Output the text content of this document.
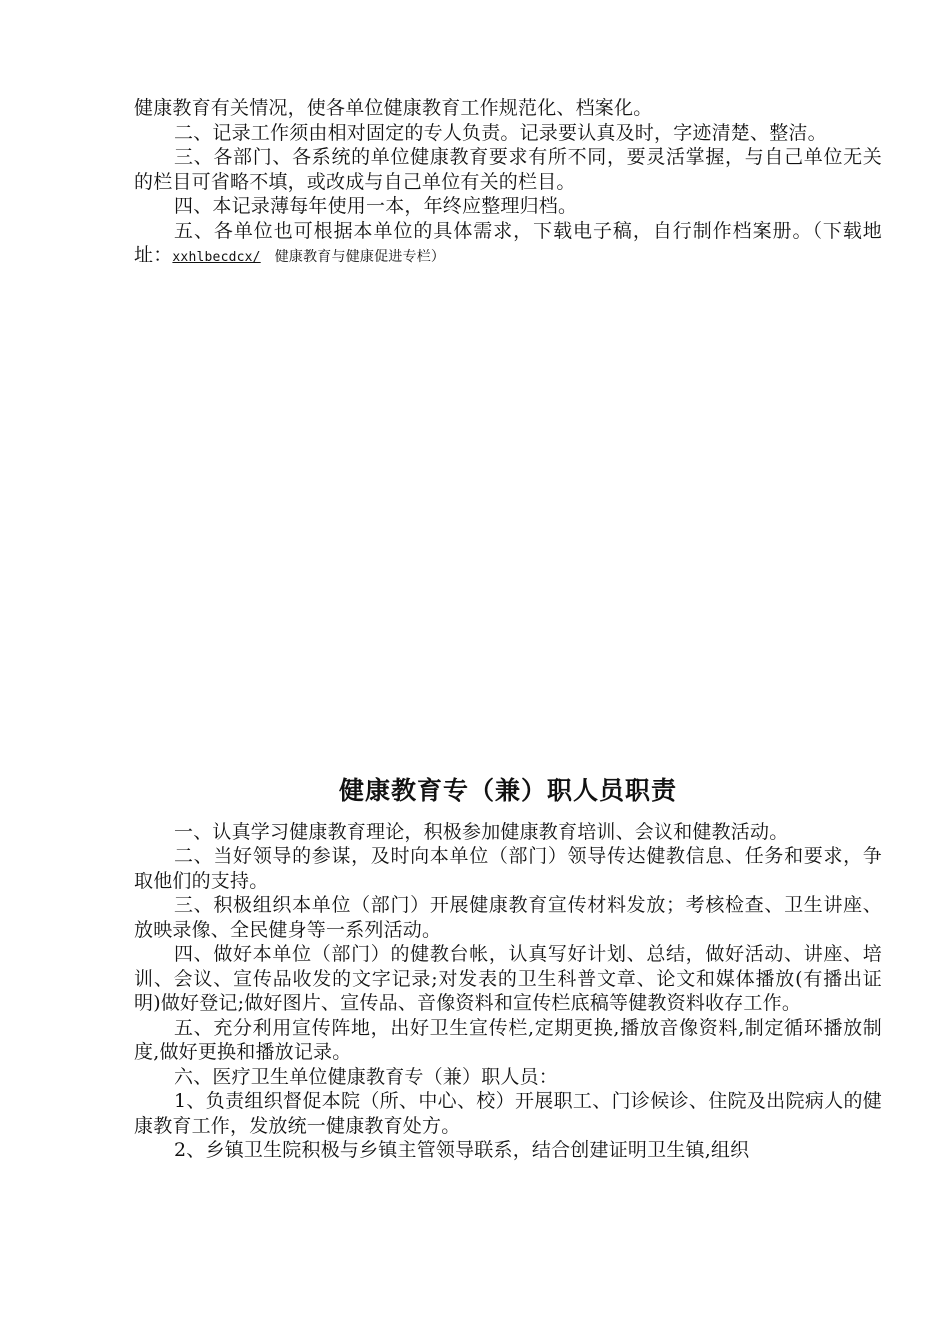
健康教育有关情况，使各单位健康教育工作规范化、档案化。

二、记录工作须由相对固定的专人负责。记录要认真及时，字迹清楚、整洁。

三、各部门、各系统的单位健康教育要求有所不同，要灵活掌握，与自己单位无关的栏目可省略不填，或改成与自己单位有关的栏目。

四、本记录薄每年使用一本，年终应整理归档。

五、各单位也可根据本单位的具体需求，下载电子稿，自行制作档案册。（下载地址：xxhlbecdcx/ 健康教育与健康促进专栏）

健康教育专（兼）职人员职责

一、认真学习健康教育理论，积极参加健康教育培训、会议和健教活动。

二、当好领导的参谋，及时向本单位（部门）领导传达健教信息、任务和要求，争取他们的支持。

三、积极组织本单位（部门）开展健康教育宣传材料发放；考核检查、卫生讲座、放映录像、全民健身等一系列活动。

四、做好本单位（部门）的健教台帐，认真写好计划、总结，做好活动、讲座、培训、会议、宣传品收发的文字记录;对发表的卫生科普文章、论文和媒体播放(有播出证明)做好登记;做好图片、宣传品、音像资料和宣传栏底稿等健教资料收存工作。

五、充分利用宣传阵地，出好卫生宣传栏,定期更换,播放音像资料,制定循环播放制度,做好更换和播放记录。

六、医疗卫生单位健康教育专（兼）职人员：

1、负责组织督促本院（所、中心、校）开展职工、门诊候诊、住院及出院病人的健康教育工作，发放统一健康教育处方。

2、乡镇卫生院积极与乡镇主管领导联系，结合创建证明卫生镇,组织
